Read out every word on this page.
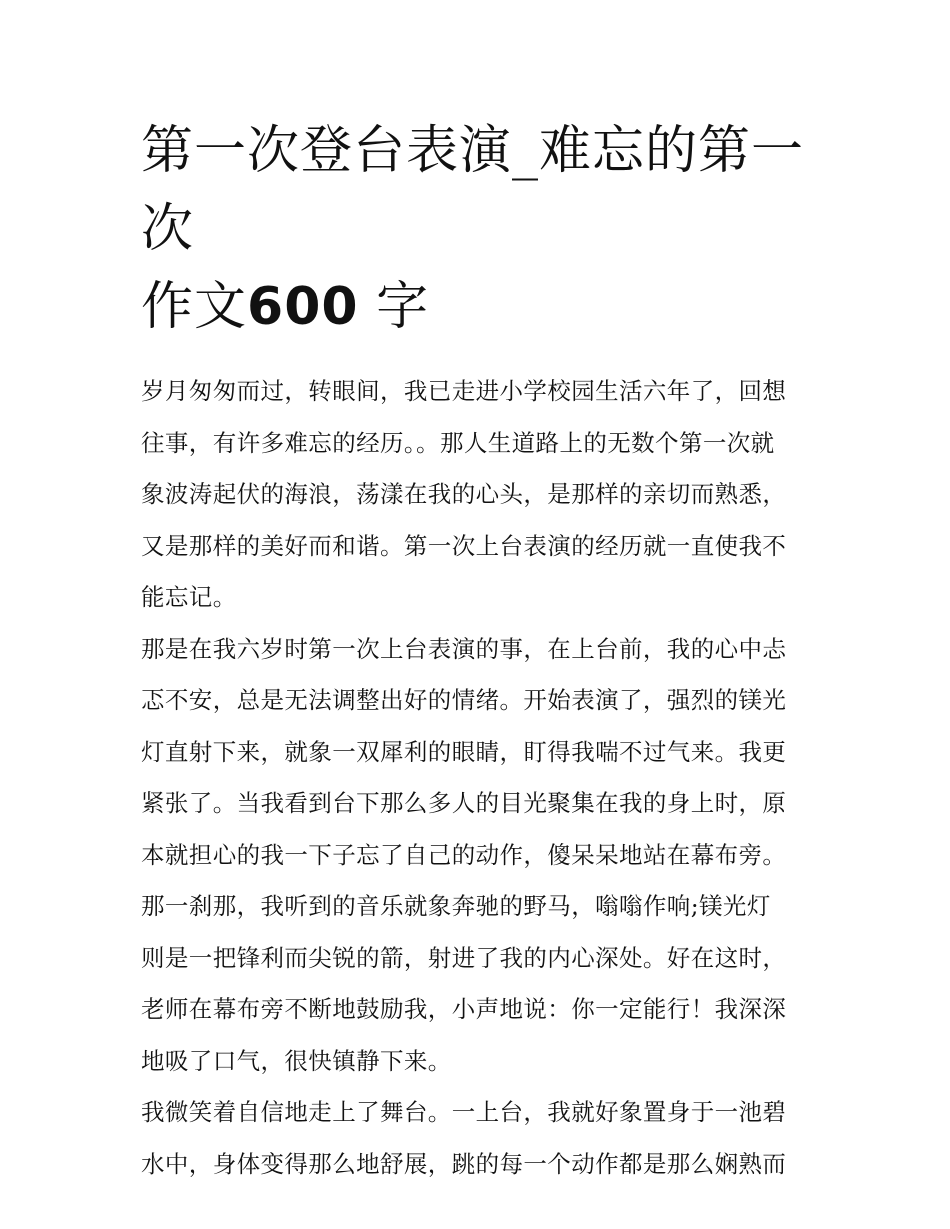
第一次登台表演_难忘的第一次
作文600 字

岁月匆匆而过，转眼间，我已走进小学校园生活六年了，回想
往事，有许多难忘的经历。。那人生道路上的无数个第一次就
象波涛起伏的海浪，荡漾在我的心头，是那样的亲切而熟悉，
又是那样的美好而和谐。第一次上台表演的经历就一直使我不
能忘记。

那是在我六岁时第一次上台表演的事，在上台前，我的心中忐
忑不安，总是无法调整出好的情绪。开始表演了，强烈的镁光
灯直射下来，就象一双犀利的眼睛，盯得我喘不过气来。我更
紧张了。当我看到台下那么多人的目光聚集在我的身上时，原
本就担心的我一下子忘了自己的动作，傻呆呆地站在幕布旁。
那一刹那，我听到的音乐就象奔驰的野马，嗡嗡作响;镁光灯
则是一把锋利而尖锐的箭，射进了我的内心深处。好在这时，
老师在幕布旁不断地鼓励我，小声地说：你一定能行！我深深
地吸了口气，很快镇静下来。

我微笑着自信地走上了舞台。一上台，我就好象置身于一池碧
水中，身体变得那么地舒展，跳的每一个动作都是那么娴熟而
